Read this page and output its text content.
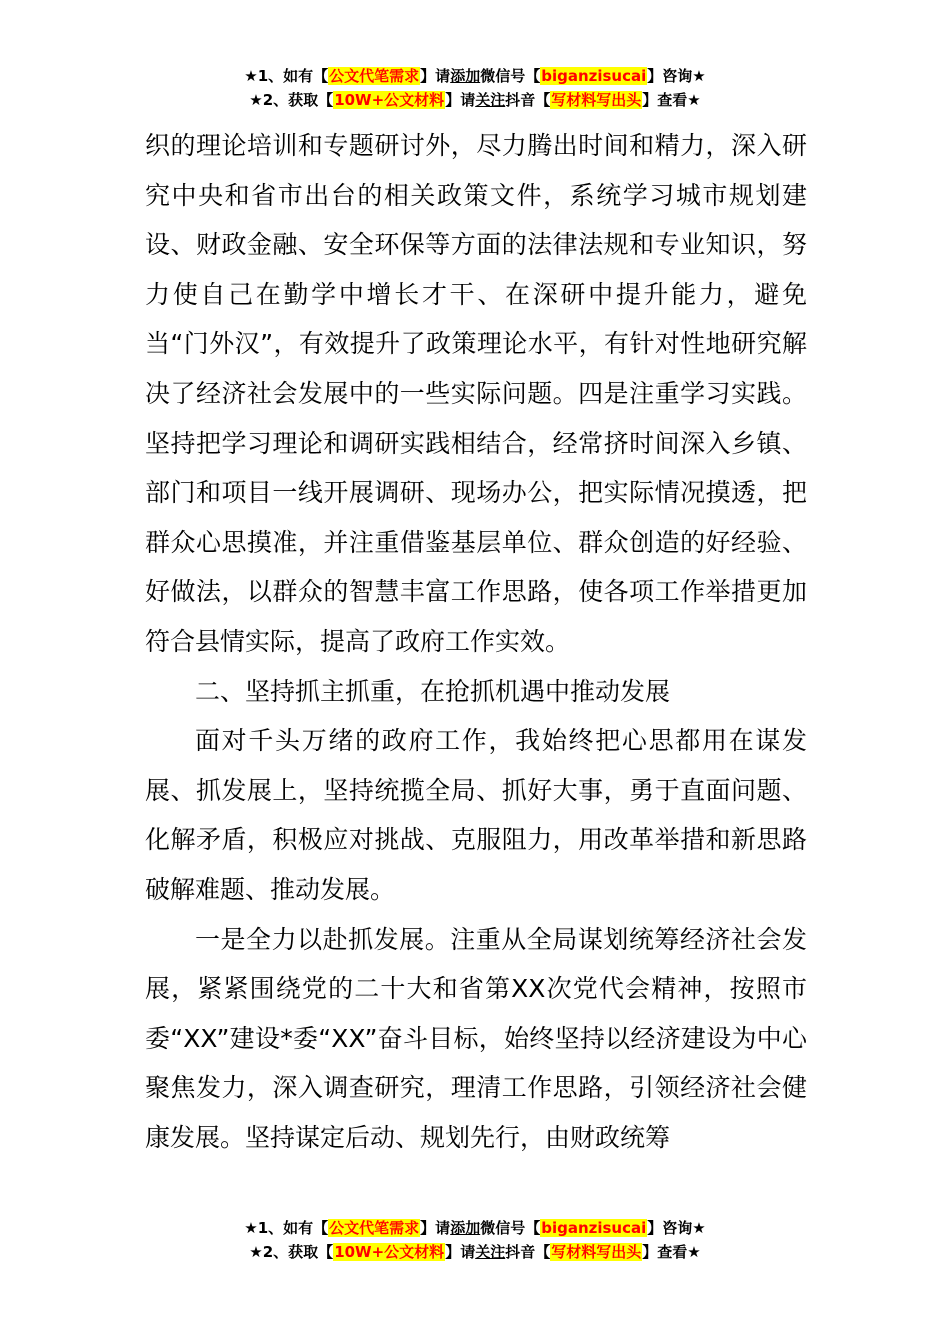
★1、如有【公文代笔需求】请添加微信号【biganzisucai】咨询★
★2、获取【10W+公文材料】请关注抖音【写材料写出头】查看★

织的理论培训和专题研讨外，尽力腾出时间和精力，深入研究中央和省市出台的相关政策文件，系统学习城市规划建设、财政金融、安全环保等方面的法律法规和专业知识，努力使自己在勤学中增长才干、在深研中提升能力，避免当“门外汉”，有效提升了政策理论水平，有针对性地研究解决了经济社会发展中的一些实际问题。四是注重学习实践。坚持把学习理论和调研实践相结合，经常挤时间深入乡镇、部门和项目一线开展调研、现场办公，把实际情况摸透，把群众心思摸准，并注重借鉴基层单位、群众创造的好经验、好做法，以群众的智慧丰富工作思路，使各项工作举措更加符合县情实际，提高了政府工作实效。

二、坚持抓主抓重，在抢抓机遇中推动发展

面对千头万绪的政府工作，我始终把心思都用在谋发展、抓发展上，坚持统揽全局、抓好大事，勇于直面问题、化解矛盾，积极应对挑战、克服阻力，用改革举措和新思路破解难题、推动发展。

一是全力以赴抓发展。注重从全局谋划统筹经济社会发展，紧紧围绕党的二十大和省第XX次党代会精神，按照市委“XX”建设*委“XX”奋斗目标，始终坚持以经济建设为中心聚焦发力，深入调查研究，理清工作思路，引领经济社会健康发展。坚持谋定后动、规划先行，由财政统筹

★1、如有【公文代笔需求】请添加微信号【biganzisucai】咨询★
★2、获取【10W+公文材料】请关注抖音【写材料写出头】查看★
